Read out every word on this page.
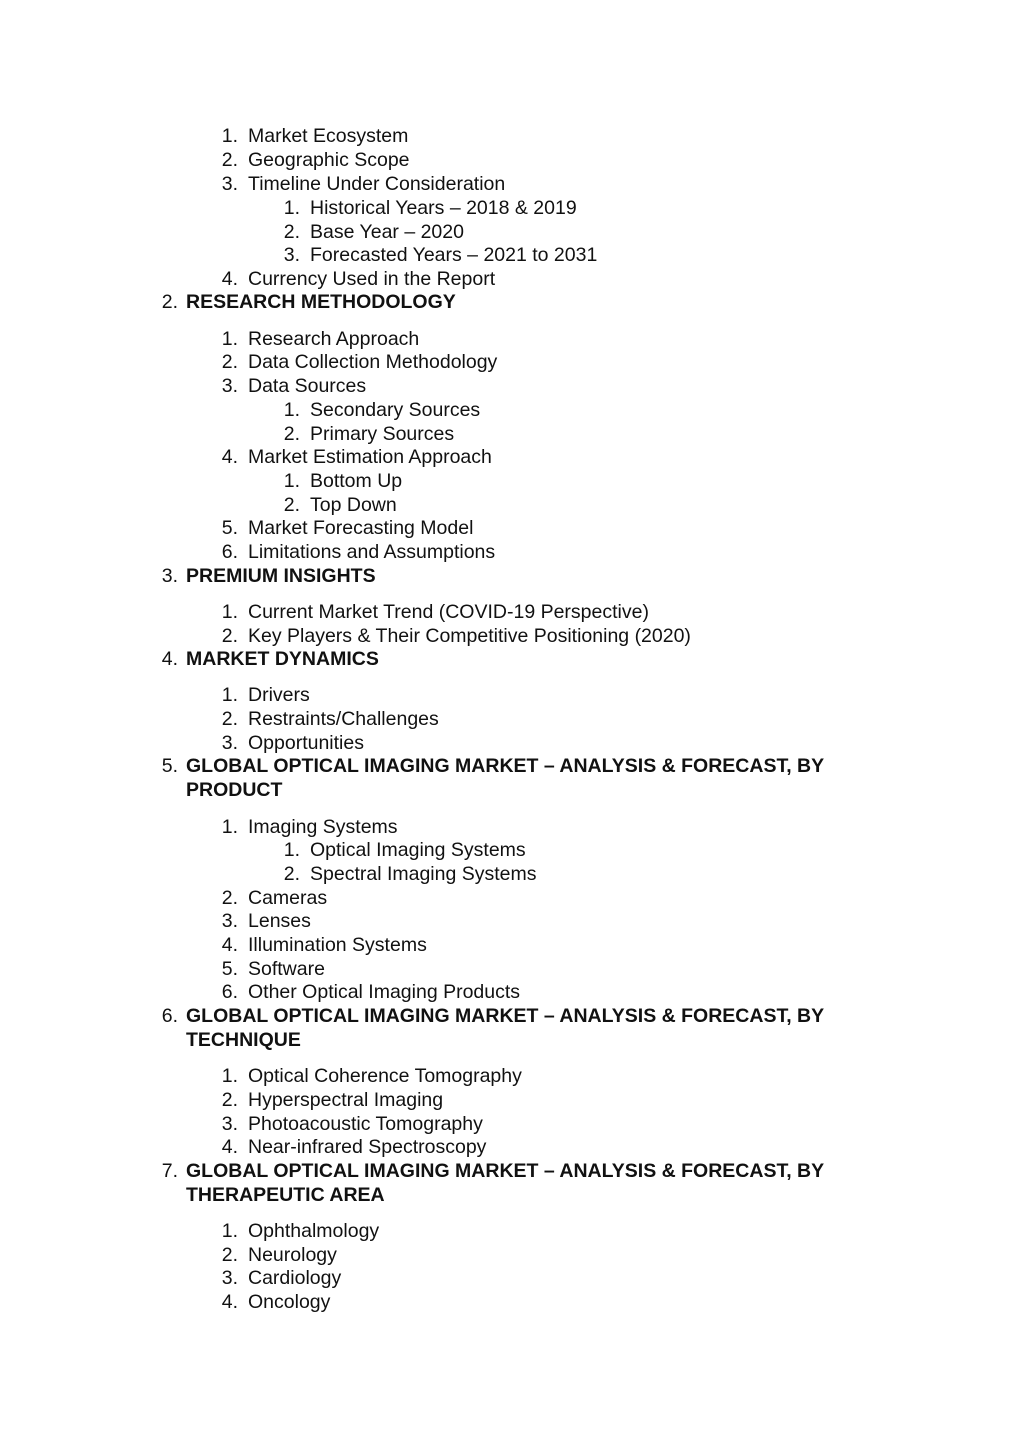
1. Market Ecosystem
2. Geographic Scope
3. Timeline Under Consideration
1. Historical Years – 2018 & 2019
2. Base Year – 2020
3. Forecasted Years – 2021 to 2031
4. Currency Used in the Report
2. RESEARCH METHODOLOGY
1. Research Approach
2. Data Collection Methodology
3. Data Sources
1. Secondary Sources
2. Primary Sources
4. Market Estimation Approach
1. Bottom Up
2. Top Down
5. Market Forecasting Model
6. Limitations and Assumptions
3. PREMIUM INSIGHTS
1. Current Market Trend (COVID-19 Perspective)
2. Key Players & Their Competitive Positioning (2020)
4. MARKET DYNAMICS
1. Drivers
2. Restraints/Challenges
3. Opportunities
5. GLOBAL OPTICAL IMAGING MARKET – ANALYSIS & FORECAST, BY PRODUCT
1. Imaging Systems
1. Optical Imaging Systems
2. Spectral Imaging Systems
2. Cameras
3. Lenses
4. Illumination Systems
5. Software
6. Other Optical Imaging Products
6. GLOBAL OPTICAL IMAGING MARKET – ANALYSIS & FORECAST, BY TECHNIQUE
1. Optical Coherence Tomography
2. Hyperspectral Imaging
3. Photoacoustic Tomography
4. Near-infrared Spectroscopy
7. GLOBAL OPTICAL IMAGING MARKET – ANALYSIS & FORECAST, BY THERAPEUTIC AREA
1. Ophthalmology
2. Neurology
3. Cardiology
4. Oncology
